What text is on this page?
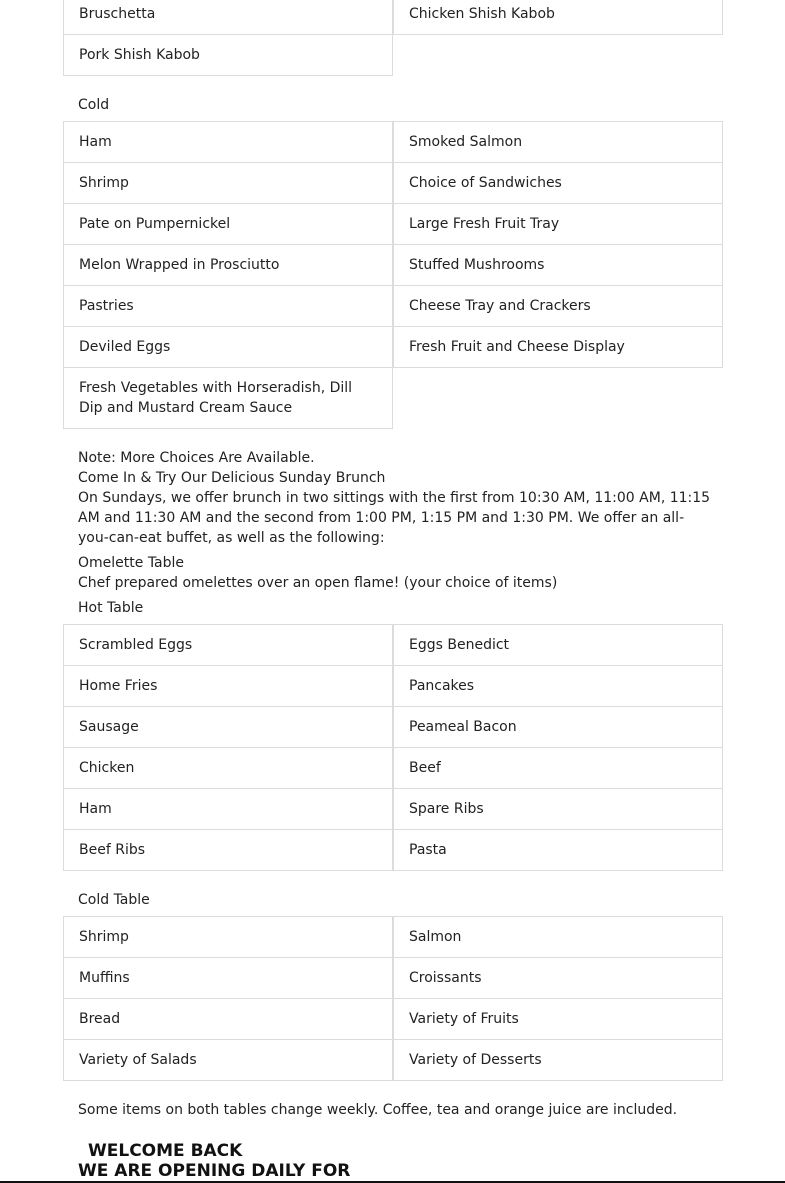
Bruschetta	Chicken Shish Kabob
Pork Shish Kabob
Cold
Ham	Smoked Salmon
Shrimp	Choice of Sandwiches
Pate on Pumpernickel	Large Fresh Fruit Tray
Melon Wrapped in Prosciutto	Stuffed Mushrooms
Pastries	Cheese Tray and Crackers
Deviled Eggs	Fresh Fruit and Cheese Display
Fresh Vegetables with Horseradish, Dill Dip and Mustard Cream Sauce
Note: More Choices Are Available.
Come In & Try Our Delicious Sunday Brunch
On Sundays, we offer brunch in two sittings with the first from 10:30 AM, 11:00 AM, 11:15 AM and 11:30 AM and the second from 1:00 PM, 1:15 PM and 1:30 PM. We offer an all-you-can-eat buffet, as well as the following:
Omelette Table
Chef prepared omelettes over an open flame! (your choice of items)
Hot Table
Scrambled Eggs	Eggs Benedict
Home Fries	Pancakes
Sausage	Peameal Bacon
Chicken	Beef
Ham	Spare Ribs
Beef Ribs	Pasta
Cold Table
Shrimp	Salmon
Muffins	Croissants
Bread	Variety of Fruits
Variety of Salads	Variety of Desserts
Some items on both tables change weekly. Coffee, tea and orange juice are included.
WELCOME BACK
WE ARE OPENING DAILY FOR
